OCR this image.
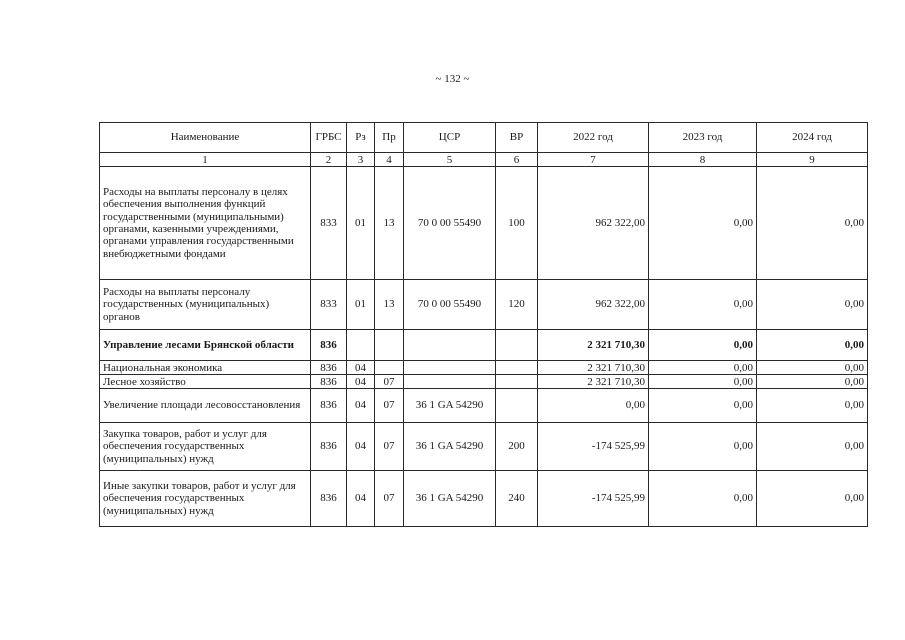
~ 132 ~
Наименование	ГРБС	Рз	Пр	ЦСР	ВР	2022 год	2023 год	2024 год
1	2	3	4	5	6	7	8	9
Расходы на выплаты персоналу в целях обеспечения выполнения функций государственными (муниципальными) органами, казенными учреждениями, органами управления государственными внебюджетными фондами	833	01	13	70 0 00 55490	100	962 322,00	0,00	0,00
Расходы на выплаты персоналу государственных (муниципальных) органов	833	01	13	70 0 00 55490	120	962 322,00	0,00	0,00
Управление лесами Брянской области	836					2 321 710,30	0,00	0,00
Национальная экономика	836	04				2 321 710,30	0,00	0,00
Лесное хозяйство	836	04	07			2 321 710,30	0,00	0,00
Увеличение площади лесовосстановления	836	04	07	36 1 GA 54290		0,00	0,00	0,00
Закупка товаров, работ и услуг для обеспечения государственных (муниципальных) нужд	836	04	07	36 1 GA 54290	200	-174 525,99	0,00	0,00
Иные закупки товаров, работ и услуг для обеспечения государственных (муниципальных) нужд	836	04	07	36 1 GA 54290	240	-174 525,99	0,00	0,00
